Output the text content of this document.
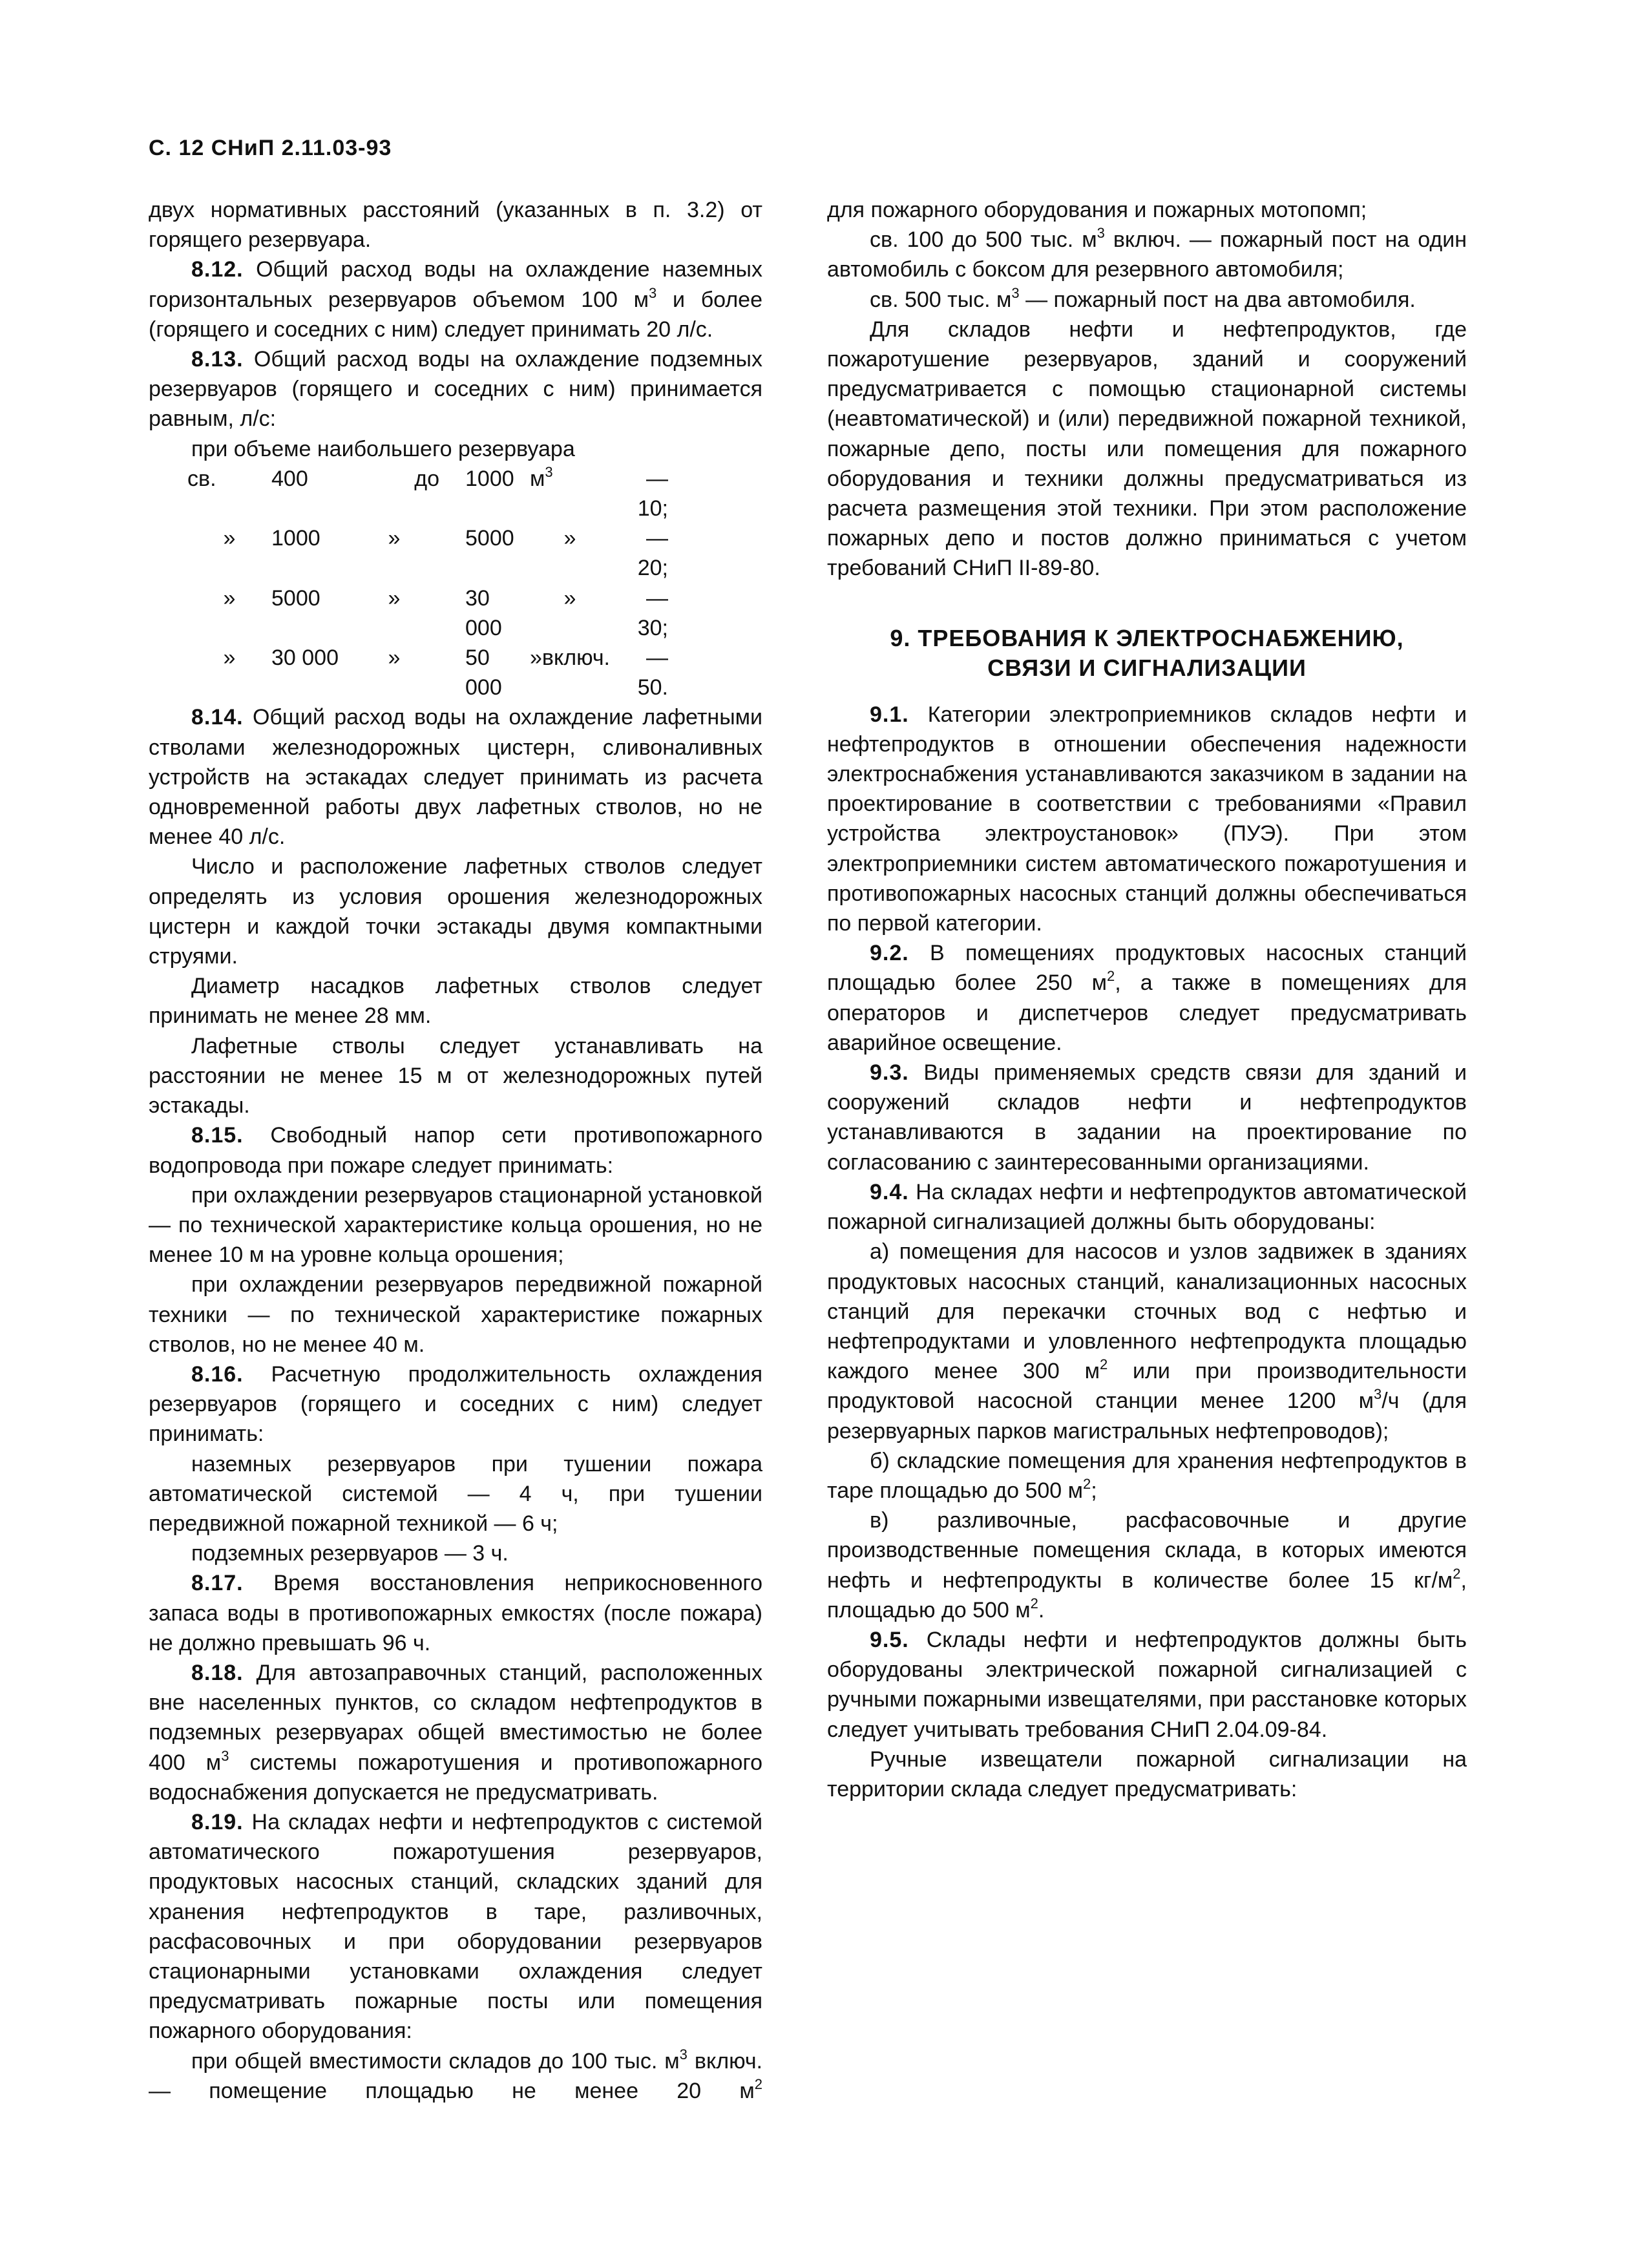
С. 12 СНиП 2.11.03-93

двух нормативных расстояний (указанных в п. 3.2) от горящего резервуара.

8.12. Общий расход воды на охлаждение наземных горизонтальных резервуаров объемом 100 $м^3$ и более (горящего и соседних с ним) следует принимать 20 л/с.

8.13. Общий расход воды на охлаждение подземных резервуаров (горящего и соседних с ним) принимается равным, л/с:

при объеме наибольшего резервуара

св.	400	до	1000	$м^3$	— 10;
»	1000	»	5000	»	— 20;
»	5000	»	30 000	»	— 30;
»	30 000	»	50 000	»включ.	— 50.

8.14. Общий расход воды на охлаждение лафетными стволами железнодорожных цистерн, сливоналивных устройств на эстакадах следует принимать из расчета одновременной работы двух лафетных стволов, но не менее 40 л/с.

Число и расположение лафетных стволов следует определять из условия орошения железнодорожных цистерн и каждой точки эстакады двумя компактными струями.

Диаметр насадков лафетных стволов следует принимать не менее 28 мм.

Лафетные стволы следует устанавливать на расстоянии не менее 15 м от железнодорожных путей эстакады.

8.15. Свободный напор сети противопожарного водопровода при пожаре следует принимать:

при охлаждении резервуаров стационарной установкой — по технической характеристике кольца орошения, но не менее 10 м на уровне кольца орошения;

при охлаждении резервуаров передвижной пожарной техники — по технической характеристике пожарных стволов, но не менее 40 м.

8.16. Расчетную продолжительность охлаждения резервуаров (горящего и соседних с ним) следует принимать:

наземных резервуаров при тушении пожара автоматической системой — 4 ч, при тушении передвижной пожарной техникой — 6 ч;

подземных резервуаров — 3 ч.

8.17. Время восстановления неприкосновенного запаса воды в противопожарных емкостях (после пожара) не должно превышать 96 ч.

8.18. Для автозаправочных станций, расположенных вне населенных пунктов, со складом нефтепродуктов в подземных резервуарах общей вместимостью не более 400 $м^3$ системы пожаротушения и противопожарного водоснабжения допускается не предусматривать.

8.19. На складах нефти и нефтепродуктов с системой автоматического пожаротушения резервуаров, продуктовых насосных станций, складских зданий для хранения нефтепродуктов в таре, разливочных, расфасовочных и при оборудовании резервуаров стационарными установками охлаждения следует предусматривать пожарные посты или помещения пожарного оборудования:

при общей вместимости складов до 100 тыс. $м^3$ включ. — помещение площадью не менее 20 $м^2$

для пожарного оборудования и пожарных мотопомп;

св. 100 до 500 тыс. $м^3$ включ. — пожарный пост на один автомобиль с боксом для резервного автомобиля;

св. 500 тыс. $м^3$ — пожарный пост на два автомобиля.

Для складов нефти и нефтепродуктов, где пожаротушение резервуаров, зданий и сооружений предусматривается с помощью стационарной системы (неавтоматической) и (или) передвижной пожарной техникой, пожарные депо, посты или помещения для пожарного оборудования и техники должны предусматриваться из расчета размещения этой техники. При этом расположение пожарных депо и постов должно приниматься с учетом требований СНиП II-89-80.

9. ТРЕБОВАНИЯ К ЭЛЕКТРОСНАБЖЕНИЮ,
СВЯЗИ И СИГНАЛИЗАЦИИ

9.1. Категории электроприемников складов нефти и нефтепродуктов в отношении обеспечения надежности электроснабжения устанавливаются заказчиком в задании на проектирование в соответствии с требованиями «Правил устройства электроустановок» (ПУЭ). При этом электроприемники систем автоматического пожаротушения и противопожарных насосных станций должны обеспечиваться по первой категории.

9.2. В помещениях продуктовых насосных станций площадью более 250 $м^2$, а также в помещениях для операторов и диспетчеров следует предусматривать аварийное освещение.

9.3. Виды применяемых средств связи для зданий и сооружений складов нефти и нефтепродуктов устанавливаются в задании на проектирование по согласованию с заинтересованными организациями.

9.4. На складах нефти и нефтепродуктов автоматической пожарной сигнализацией должны быть оборудованы:

а) помещения для насосов и узлов задвижек в зданиях продуктовых насосных станций, канализационных насосных станций для перекачки сточных вод с нефтью и нефтепродуктами и уловленного нефтепродукта площадью каждого менее 300 $м^2$ или при производительности продуктовой насосной станции менее 1200 $м^3/ч$ (для резервуарных парков магистральных нефтепроводов);

б) складские помещения для хранения нефтепродуктов в таре площадью до 500 $м^2$;

в) разливочные, расфасовочные и другие производственные помещения склада, в которых имеются нефть и нефтепродукты в количестве более 15 $кг/м^2$, площадью до 500 $м^2$.

9.5. Склады нефти и нефтепродуктов должны быть оборудованы электрической пожарной сигнализацией с ручными пожарными извещателями, при расстановке которых следует учитывать требования СНиП 2.04.09-84.

Ручные извещатели пожарной сигнализации на территории склада следует предусматривать:
